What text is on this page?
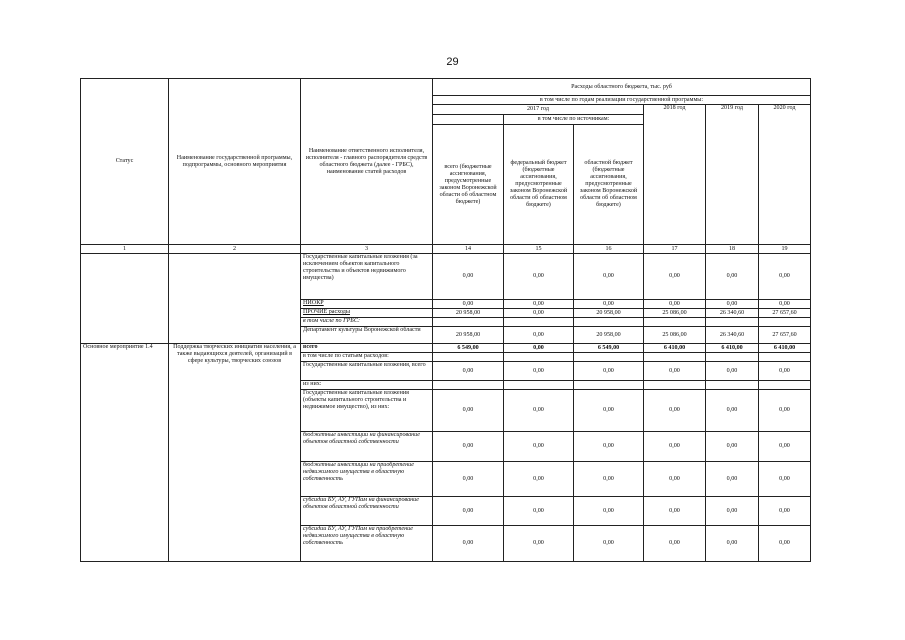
29
Статус	Наименование государственной программы, подпрограммы, основного мероприятия	Наименование ответственного исполнителя, исполнителя - главного распорядителя средств областного бюджета (далее - ГРБС), наименование статей расходов	Расходы областного бюджета, тыс. руб					
			в том числе по годам реализации государственной программы:					
			2017 год			2018 год	2019 год	2020 год
				в том числе по источникам:				
			всего (бюджетные ассигнования, предусмотренные законом Воронежской области об областном бюджете)	федеральный бюджет (бюджетные ассигнования, предусмотренные законом Воронежской области об областном бюджете)	областной бюджет (бюджетные ассигнования, предусмотренные законом Воронежской области об областном бюджете)			
1	2	3	14	15	16	17	18	19
		Государственные капитальные вложения (за исключением объектов капитального строительства и объектов недвижимого имущества)	0,00	0,00	0,00	0,00	0,00	0,00
		НИОКР	0,00	0,00	0,00	0,00	0,00	0,00
		ПРОЧИЕ расходы	20 958,00	0,00	20 958,00	25 086,00	26 340,60	27 657,60
		в том числе по ГРБС:						
		Департамент культуры Воронежской области	20 958,00	0,00	20 958,00	25 086,00	26 340,60	27 657,60
Основное мероприятие 1.4	Поддержка творческих инициатив населения, а также выдающихся деятелей, организаций в сфере культуры, творческих союзов	всего	6 549,00	0,00	6 549,00	6 410,00	6 410,00	6 410,00
		в том числе по статьям расходов:						
		Государственные капитальные вложения, всего	0,00	0,00	0,00	0,00	0,00	0,00
		из них:						
		Государственные капитальные вложения (объекты капитального строительства и недвижимое имущество), из них:	0,00	0,00	0,00	0,00	0,00	0,00
		бюджетные инвестиции на финансирование объектов областной собственности	0,00	0,00	0,00	0,00	0,00	0,00
		бюджетные инвестиции на приобретение недвижимого имущества в областную собственность	0,00	0,00	0,00	0,00	0,00	0,00
		субсидии БУ, АУ, ГУПам на финансирование объектов областной собственности	0,00	0,00	0,00	0,00	0,00	0,00
		субсидии БУ, АУ, ГУПам на приобретение недвижимого имущества в областную собственность	0,00	0,00	0,00	0,00	0,00	0,00
